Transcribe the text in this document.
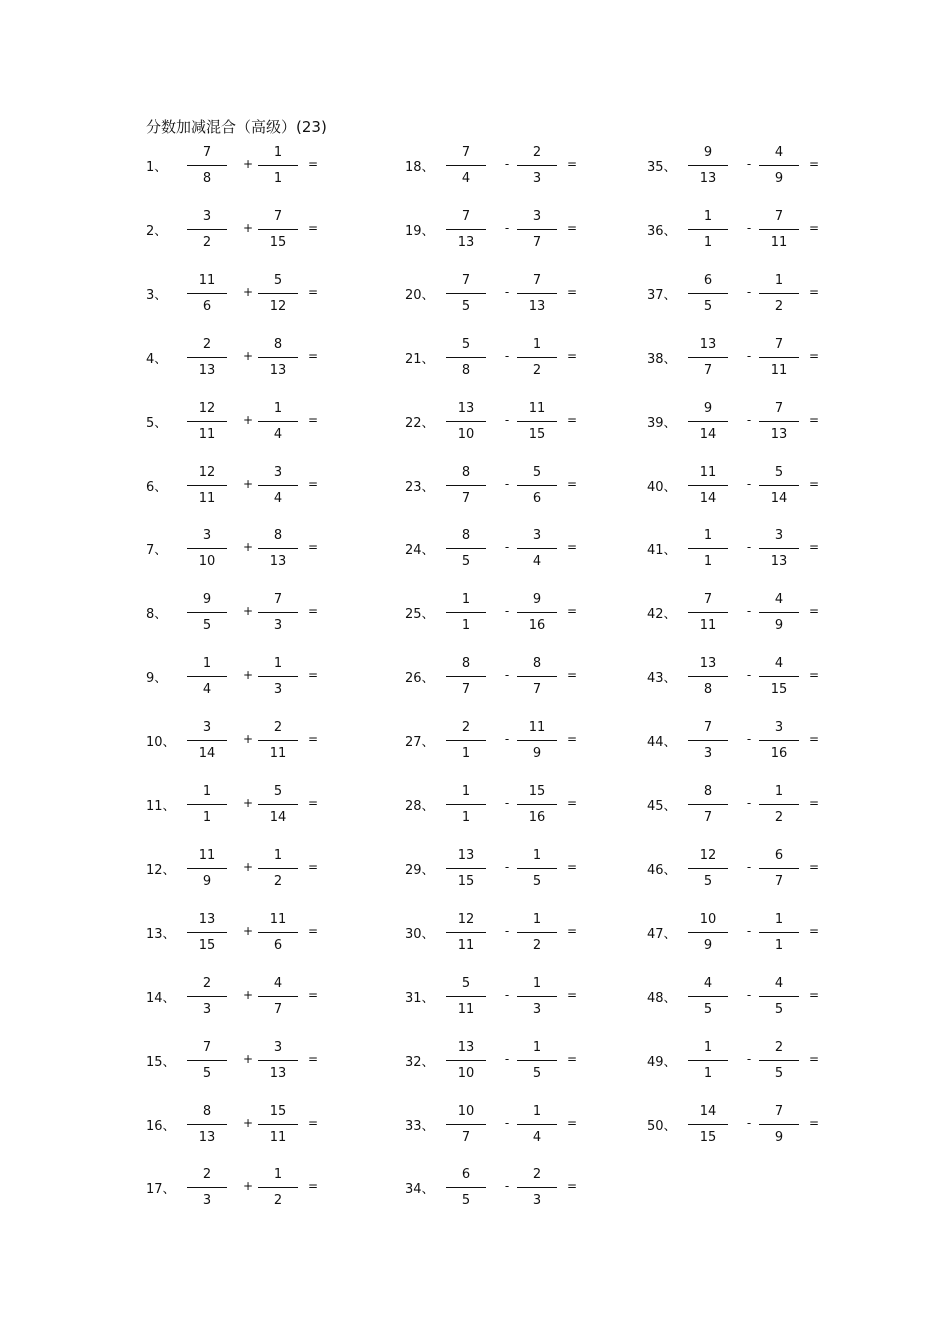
分数加减混合（高级）(23)
1、
7
8
+
1
1
=
2、
3
2
+
7
15
=
3、
11
6
+
5
12
=
4、
2
13
+
8
13
=
5、
12
11
+
1
4
=
6、
12
11
+
3
4
=
7、
3
10
+
8
13
=
8、
9
5
+
7
3
=
9、
1
4
+
1
3
=
10、
3
14
+
2
11
=
11、
1
1
+
5
14
=
12、
11
9
+
1
2
=
13、
13
15
+
11
6
=
14、
2
3
+
4
7
=
15、
7
5
+
3
13
=
16、
8
13
+
15
11
=
17、
2
3
+
1
2
=
18、
7
4
-
2
3
=
19、
7
13
-
3
7
=
20、
7
5
-
7
13
=
21、
5
8
-
1
2
=
22、
13
10
-
11
15
=
23、
8
7
-
5
6
=
24、
8
5
-
3
4
=
25、
1
1
-
9
16
=
26、
8
7
-
8
7
=
27、
2
1
-
11
9
=
28、
1
1
-
15
16
=
29、
13
15
-
1
5
=
30、
12
11
-
1
2
=
31、
5
11
-
1
3
=
32、
13
10
-
1
5
=
33、
10
7
-
1
4
=
34、
6
5
-
2
3
=
35、
9
13
-
4
9
=
36、
1
1
-
7
11
=
37、
6
5
-
1
2
=
38、
13
7
-
7
11
=
39、
9
14
-
7
13
=
40、
11
14
-
5
14
=
41、
1
1
-
3
13
=
42、
7
11
-
4
9
=
43、
13
8
-
4
15
=
44、
7
3
-
3
16
=
45、
8
7
-
1
2
=
46、
12
5
-
6
7
=
47、
10
9
-
1
1
=
48、
4
5
-
4
5
=
49、
1
1
-
2
5
=
50、
14
15
-
7
9
=
